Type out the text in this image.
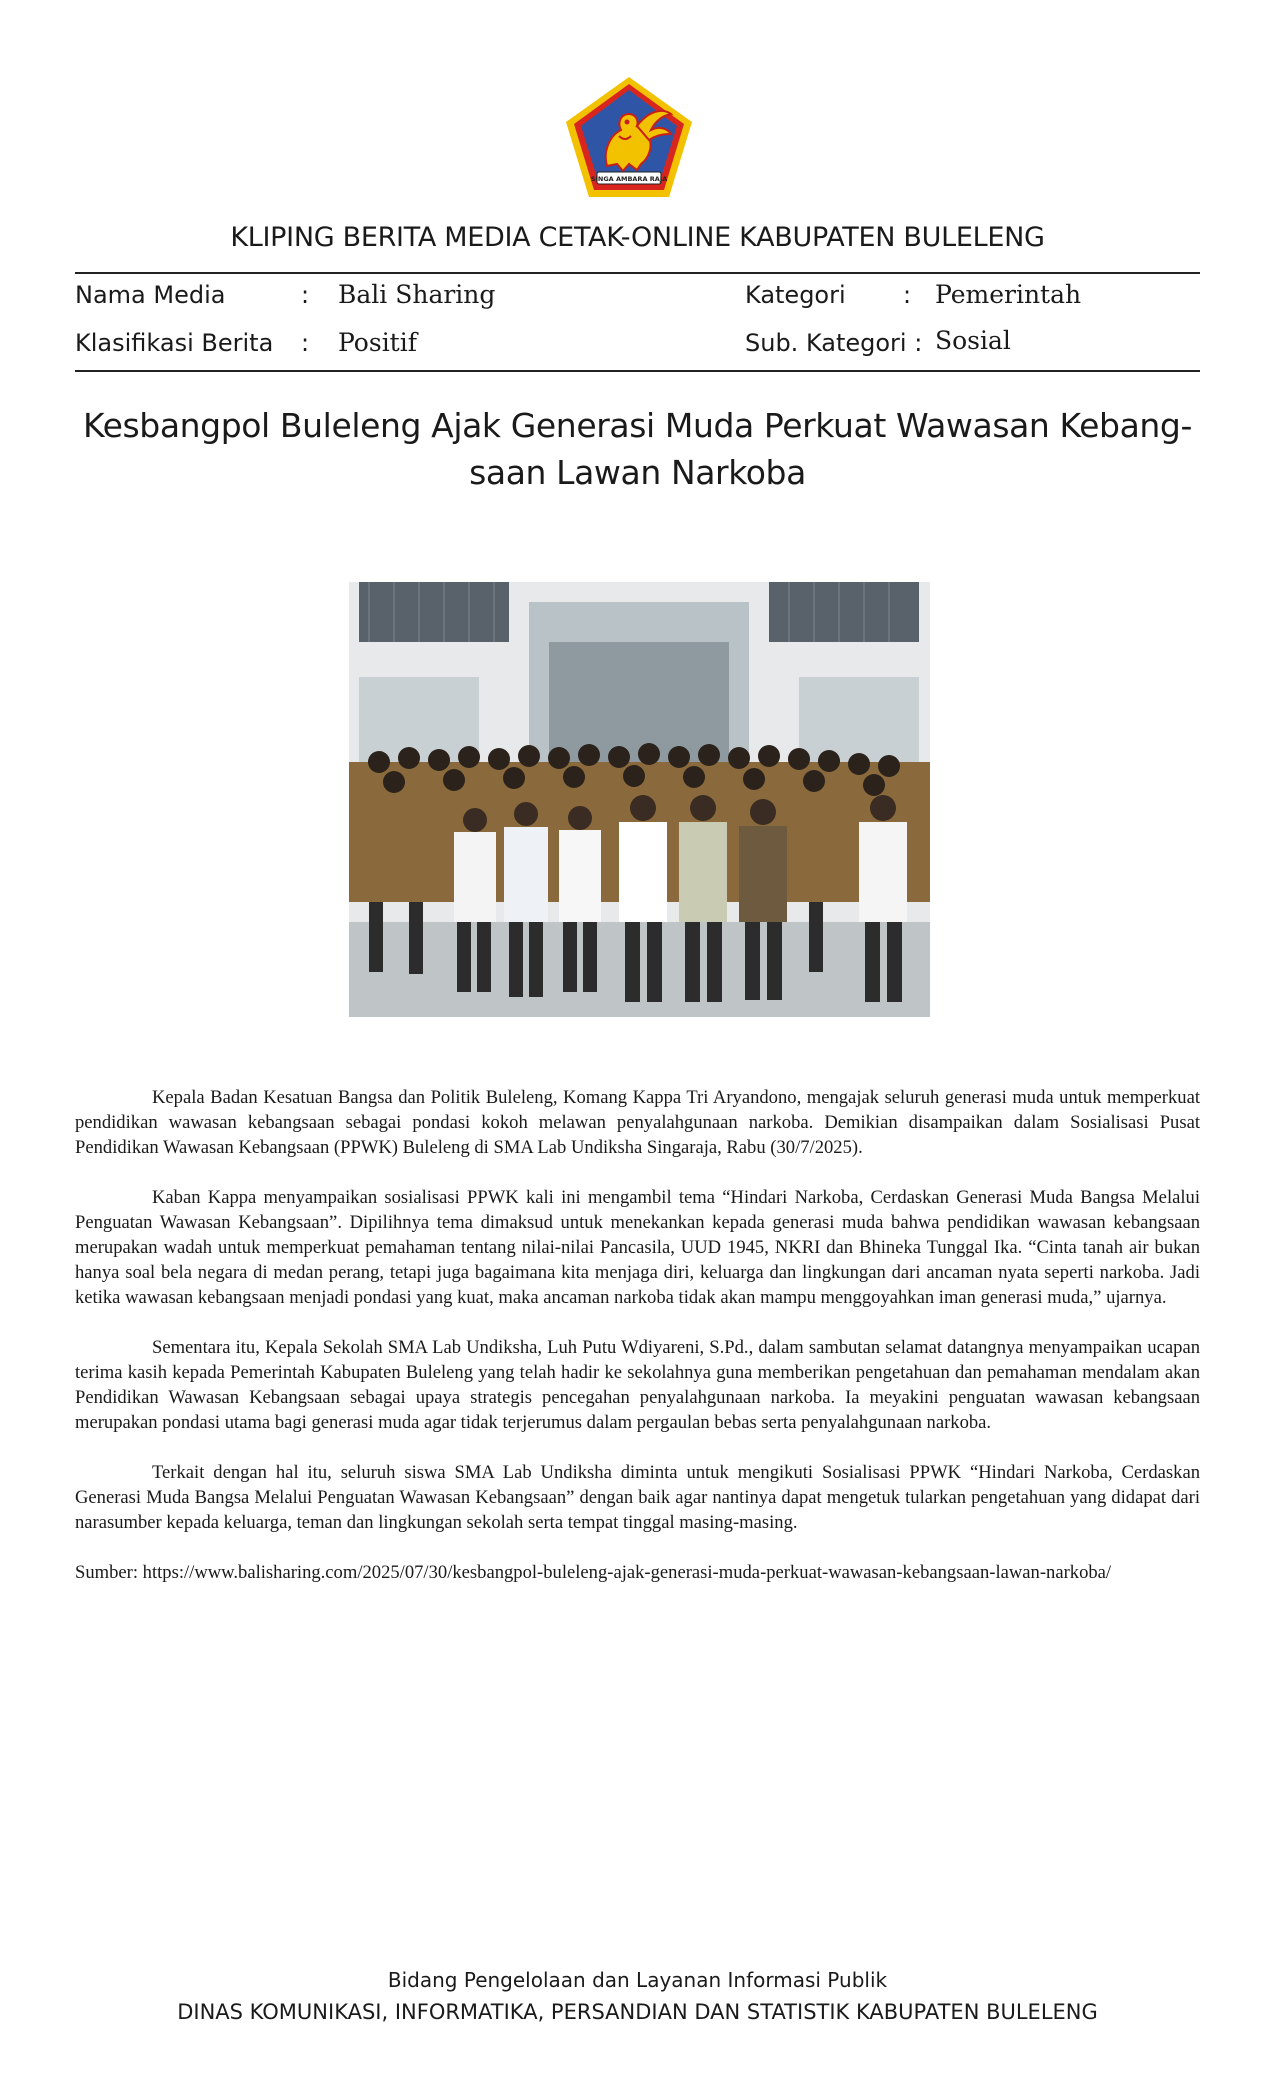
SINGA AMBARA RAJA
KLIPING BERITA MEDIA CETAK-ONLINE KABUPATEN BULELENG
Nama Media	: Bali Sharing	Kategori : Pemerintah
Klasifikasi Berita : Positif	Sub. Kategori : Sosial
Kesbangpol Buleleng Ajak Generasi Muda Perkuat Wawasan Kebang-
saan Lawan Narkoba

Kepala Badan Kesatuan Bangsa dan Politik Buleleng, Komang Kappa Tri Aryandono, mengajak seluruh generasi muda untuk memperkuat pendidikan wawasan kebangsaan sebagai pondasi kokoh melawan penyalahgunaan narkoba. Demikian disampaikan dalam Sosialisasi Pusat Pendidikan Wawasan Kebangsaan (PPWK) Buleleng di SMA Lab Undiksha Singaraja, Rabu (30/7/2025).

Kaban Kappa menyampaikan sosialisasi PPWK kali ini mengambil tema “Hindari Narkoba, Cerdaskan Generasi Muda Bangsa Melalui Penguatan Wawasan Kebangsaan”. Dipilihnya tema dimaksud untuk menekankan kepada generasi muda bahwa pendidikan wawasan kebangsaan merupakan wadah untuk memperkuat pemahaman tentang nilai-nilai Pancasila, UUD 1945, NKRI dan Bhineka Tunggal Ika. “Cinta tanah air bukan hanya soal bela negara di medan perang, tetapi juga bagaimana kita menjaga diri, keluarga dan lingkungan dari ancaman nyata seperti narkoba. Jadi ketika wawasan kebangsaan menjadi pondasi yang kuat, maka ancaman narkoba tidak akan mampu menggoyahkan iman generasi muda,” ujarnya.

Sementara itu, Kepala Sekolah SMA Lab Undiksha, Luh Putu Wdiyareni, S.Pd., dalam sambutan selamat datangnya menyampaikan ucapan terima kasih kepada Pemerintah Kabupaten Buleleng yang telah hadir ke sekolahnya guna memberikan pengetahuan dan pemahaman mendalam akan Pendidikan Wawasan Kebangsaan sebagai upaya strategis pencegahan penyalahgunaan narkoba. Ia meyakini penguatan wawasan kebangsaan merupakan pondasi utama bagi generasi muda agar tidak terjerumus dalam pergaulan bebas serta penyalahgunaan narkoba.

Terkait dengan hal itu, seluruh siswa SMA Lab Undiksha diminta untuk mengikuti Sosialisasi PPWK “Hindari Narkoba, Cerdaskan Generasi Muda Bangsa Melalui Penguatan Wawasan Kebangsaan” dengan baik agar nantinya dapat mengetuk tularkan pengetahuan yang didapat dari narasumber kepada keluarga, teman dan lingkungan sekolah serta tempat tinggal masing-masing.

Sumber: https://www.balisharing.com/2025/07/30/kesbangpol-buleleng-ajak-generasi-muda-perkuat-wawasan-kebangsaan-lawan-narkoba/

Bidang Pengelolaan dan Layanan Informasi Publik
DINAS KOMUNIKASI, INFORMATIKA, PERSANDIAN DAN STATISTIK KABUPATEN BULELENG
